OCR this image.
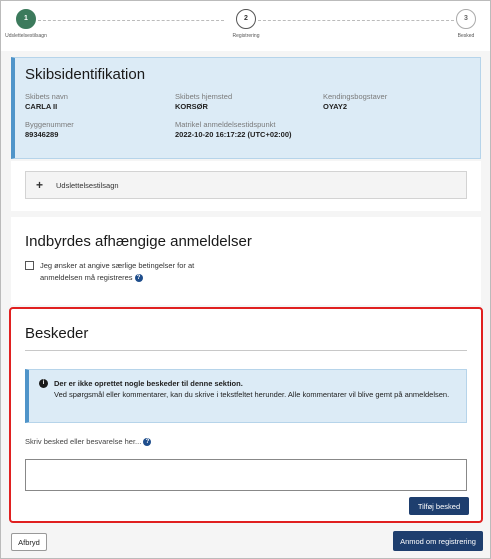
1
Udslettelsestilsagn
2
Registrering
3
Besked
Skibsidentifikation
Skibets navn
CARLA II
Skibets hjemsted
KORSØR
Kendingsbogstaver
OYAY2
Byggenummer
89346289
Matrikel anmeldelsestidspunkt
2022-10-20 16:17:22 (UTC+02:00)
+	Udslettelsestilsagn
Indbyrdes afhængige anmeldelser
Jeg ønsker at angive særlige betingelser for at anmeldelsen må registreres ?
Beskeder
i	Der er ikke oprettet nogle beskeder til denne sektion.
Ved spørgsmål eller kommentarer, kan du skrive i tekstfeltet herunder. Alle kommentarer vil blive gemt på anmeldelsen.
Skriv besked eller besvarelse her... ?
Tilføj besked
Afbryd	Anmod om registrering
